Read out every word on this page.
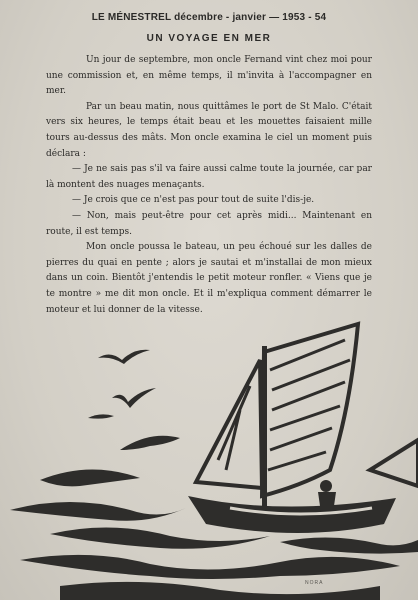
LE MÉNESTREL décembre - janvier — 1953 - 54
UN VOYAGE EN MER

Un jour de septembre, mon oncle Fernand vint chez moi pour une commission et, en même temps, il m'invita à l'accompagner en mer.

Par un beau matin, nous quittâmes le port de St Malo. C'était vers six heures, le temps était beau et les mouettes faisaient mille tours au-dessus des mâts. Mon oncle examina le ciel un moment puis déclara :

— Je ne sais pas s'il va faire aussi calme toute la journée, car par là montent des nuages menaçants.

— Je crois que ce n'est pas pour tout de suite l'dis-je.

— Non, mais peut-être pour cet après midi... Maintenant en route, il est temps.

Mon oncle poussa le bateau, un peu échoué sur les dalles de pierres du quai en pente ; alors je sautai et m'installai de mon mieux dans un coin. Bientôt j'entendis le petit moteur ronfler. « Viens que je te montre » me dit mon oncle. Et il m'expliqua comment démarrer le moteur et lui donner de la vitesse.

NORA
